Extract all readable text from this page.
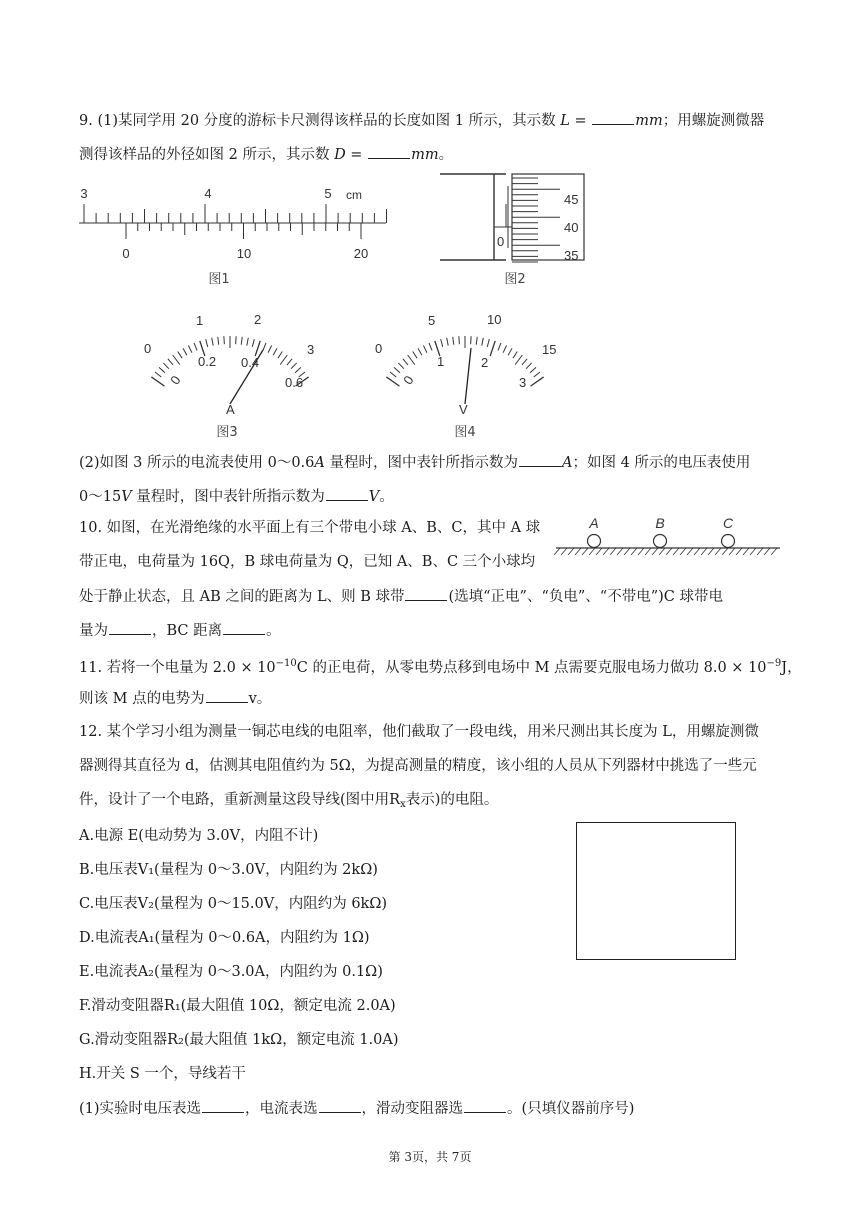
9. (1)某同学用 20 分度的游标卡尺测得该样品的长度如图 1 所示，其示数 L =	mm；用螺旋测微器
测得该样品的外径如图 2 所示，其示数 D =	mm。
3	4	5 cm
0	10	20
图1
0
45
40
35
图2
0
1	2
3
0
0.2 0.4
0.6
A
图3
0
5	10
15
0
1	2
3
V
图4
(2)如图 3 所示的电流表使用 0～0.6A 量程时，图中表针所指示数为	A；如图 4 所示的电压表使用
0～15V 量程时，图中表针所指示数为	V。
10. 如图，在光滑绝缘的水平面上有三个带电小球 A、B、C，其中 A 球
带正电，电荷量为 16Q，B 球电荷量为 Q，已知 A、B、C 三个小球均
处于静止状态，且 AB 之间的距离为 L、则 B 球带	(选填“正电”、“负电”、“不带电”)C 球带电
量为	，BC 距离	。
A	B	C
11. 若将一个电量为 $2.0 \times 10^{-10}C$ 的正电荷，从零电势点移到电场中 M 点需要克服电场力做功 $8.0 \times 10^{-9}J$，
则该 M 点的电势为	v。
12. 某个学习小组为测量一铜芯电线的电阻率，他们截取了一段电线，用米尺测出其长度为 L，用螺旋测微
器测得其直径为 d，估测其电阻值约为 5Ω，为提高测量的精度，该小组的人员从下列器材中挑选了一些元
件，设计了一个电路，重新测量这段导线(图中用$R_x$表示)的电阻。
A.电源 E(电动势为 3.0V，内阻不计)
B.电压表V₁(量程为 0～3.0V，内阻约为 2kΩ)
C.电压表V₂(量程为 0～15.0V，内阻约为 6kΩ)
D.电流表A₁(量程为 0～0.6A，内阻约为 1Ω)
E.电流表A₂(量程为 0～3.0A，内阻约为 0.1Ω)
F.滑动变阻器R₁(最大阻值 10Ω，额定电流 2.0A)
G.滑动变阻器R₂(最大阻值 1kΩ，额定电流 1.0A)
H.开关 S 一个，导线若干
(1)实验时电压表选	，电流表选	，滑动变阻器选	。(只填仪器前序号)
第 3页，共 7页
